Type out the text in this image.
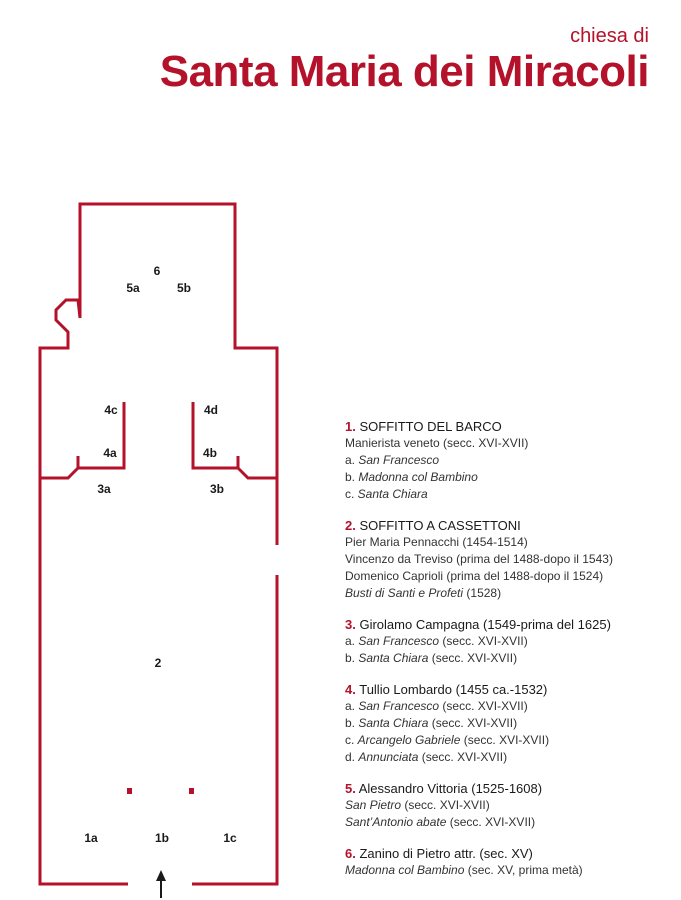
chiesa di
Santa Maria dei Miracoli
6
5a	5b
4c	4d
4a	4b
3a	3b
2
1a	1b	1c
1. SOFFITTO DEL BARCO
Manierista veneto (secc. XVI-XVII)
a. San Francesco
b. Madonna col Bambino
c. Santa Chiara
2. SOFFITTO A CASSETTONI
Pier Maria Pennacchi (1454-1514)
Vincenzo da Treviso (prima del 1488-dopo il 1543)
Domenico Caprioli (prima del 1488-dopo il 1524)
Busti di Santi e Profeti (1528)
3. Girolamo Campagna (1549-prima del 1625)
a. San Francesco (secc. XVI-XVII)
b. Santa Chiara (secc. XVI-XVII)
4. Tullio Lombardo (1455 ca.-1532)
a. San Francesco (secc. XVI-XVII)
b. Santa Chiara (secc. XVI-XVII)
c. Arcangelo Gabriele (secc. XVI-XVII)
d. Annunciata (secc. XVI-XVII)
5. Alessandro Vittoria (1525-1608)
San Pietro (secc. XVI-XVII)
Sant’Antonio abate (secc. XVI-XVII)
6. Zanino di Pietro attr. (sec. XV)
Madonna col Bambino (sec. XV, prima metà)
